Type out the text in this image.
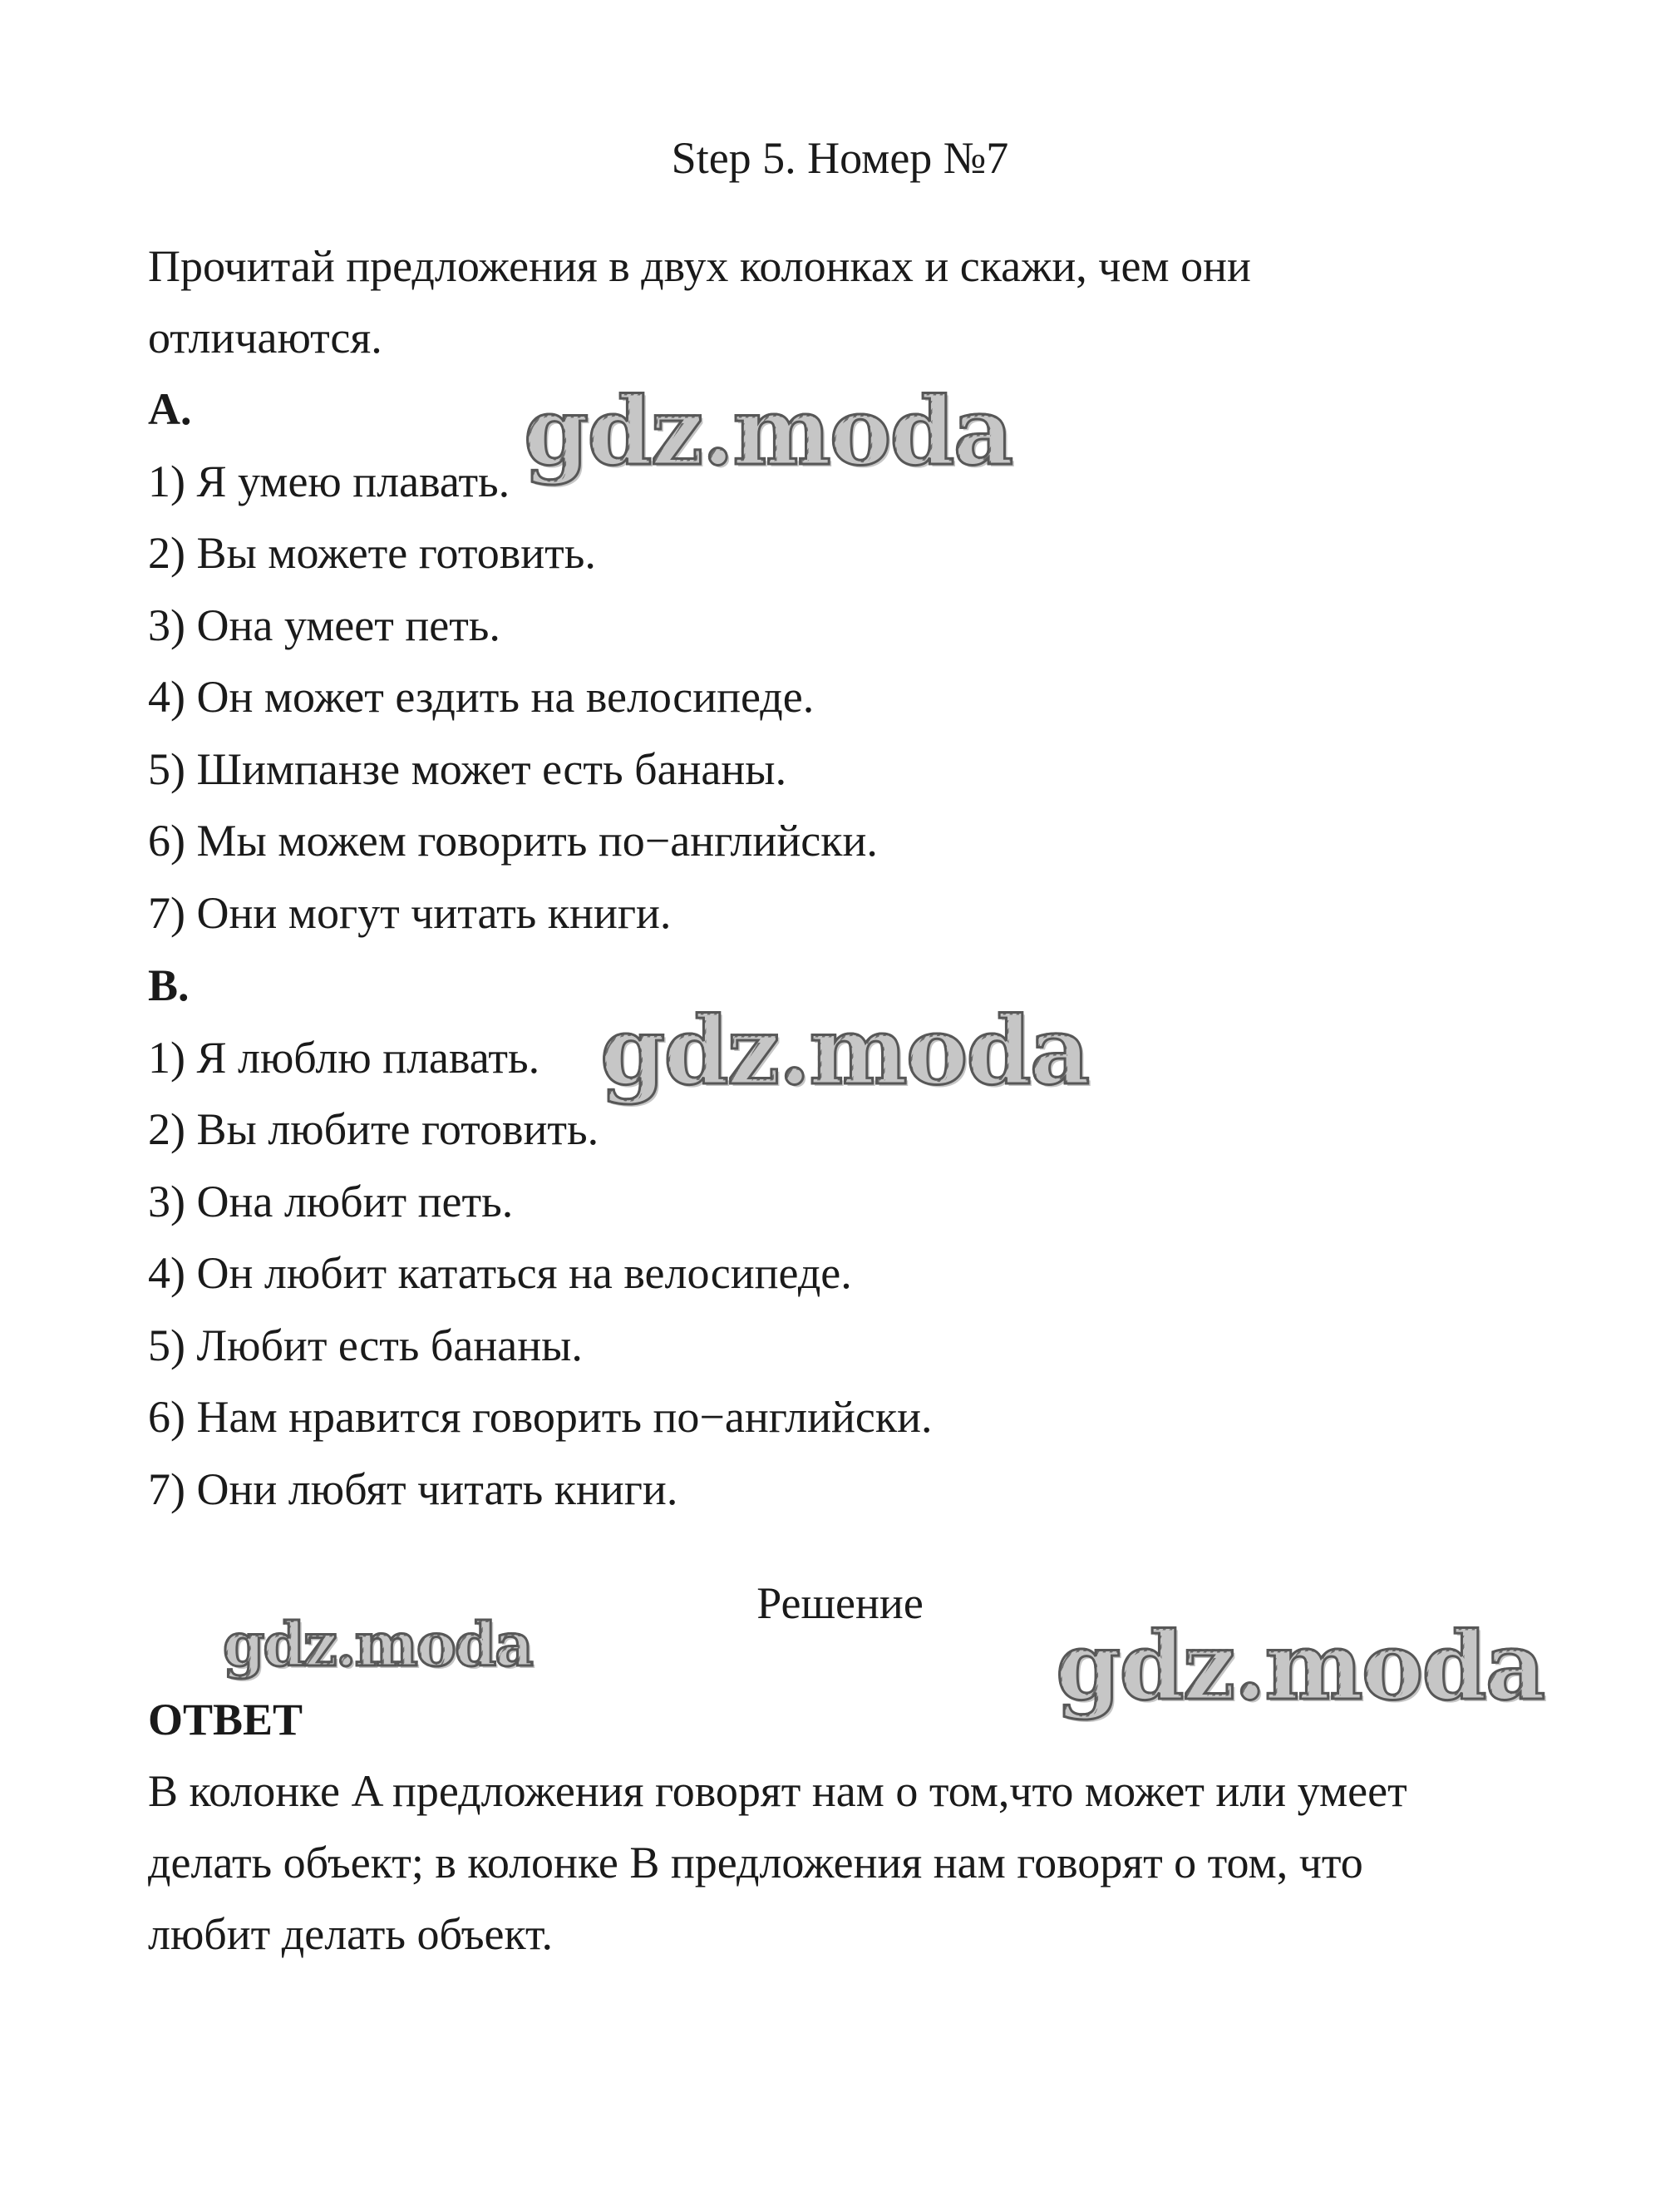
Step 5. Номер №7
Прочитай предложения в двух колонках и скажи, чем они
отличаются.
A.
1) Я умею плавать.
2) Вы можете готовить.
3) Она умеет петь.
4) Он может ездить на велосипеде.
5) Шимпанзе может есть бананы.
6) Мы можем говорить по−английски.
7) Они могут читать книги.
B.
1) Я люблю плавать.
2) Вы любите готовить.
3) Она любит петь.
4) Он любит кататься на велосипеде.
5) Любит есть бананы.
6) Нам нравится говорить по−английски.
7) Они любят читать книги.
Решение
ОТВЕТ
В колонке A предложения говорят нам о том,что может или умеет
делать объект; в колонке B предложения нам говорят о том, что
любит делать объект.
gdz.moda
gdz.moda
gdz.moda	gdz.moda
